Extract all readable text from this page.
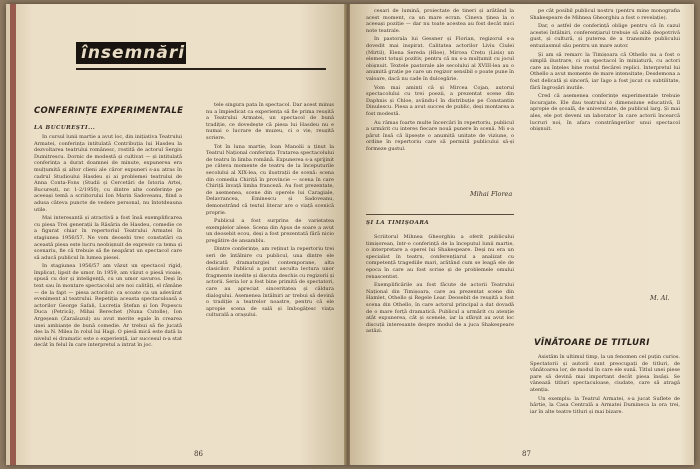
însemnări
CONFERINȚE EXPERIMENTALE
LA BUCUREȘTI...

In cursul lunii martie a avut loc, din inițiativa Teatrului Armatei, conferința intitulată Contribuția lui Hasdeu la dezvoltarea teatrului românesc, rostită de actorul Sergiu Dumitrescu. Dornic de modestă și cultivat — și intitulată conferința a durat doamnei de minute, expunerea era mulțumită și altor clieni ale căror expuneri s-au atras în cadrul Studioului Hasdeu și ai problemei teatrului de Anna Conta-Fons (Studii și Cercetări de Istoria Artei, București, nr. 1-2/1950), cu dintre alte conferințe pe aceeași temă a scriitorului Ion Marin Sadoveanu, fiind a adusa câteva puncte de vedere personal, nu întotdeauna utile.

Mai interesantă și atractivă a fost însă exemplificarea cu piesa Trei generații la Răsăria de Hasdeu, comedie ce a figurat chiar în repertoriul Teatrului Armatei în stagiunea 1956/57. Ne vom deosebi trec constatări ca această piesa este lucru neobișnuit de expresiv ca tema și scenariu, fie că trebuie să fie neapărat un spectacol care să aducă publicul în lumea piesei.

In stagiunea 1956/57 am văzut un spectacol rigid, împlicat, lipsit de umor. In 1959, am văzut o piesă vioaie, spusă cu dor și inteligență, cu un umor savuros. Deși în text sau în montare spectacolul are noi calități, el rămâne — de la fapt — piesa actorilor: ca scoate ca un adevărat eveniment al teatrului. Repetiția aceasta spectaculoasă a actorilor George Safali, Lucreția Ștefan și Ion Popescu Duca (Petrică), Mihai Berechet (Nuna Cutolle), Ion Argeșean (Zaraăuzul) au avut merite egale în crearea unei ambianțe de bună comedie. Ar trebui să fie jucată des la N. Milea în rolul lui Hagi. O piesă mică este dată la nivelul ei dramatic este o experiență, iar succesul n-a stat decât în felul în care interpretul a intrat în joc.

tele singura pata în spectacol. Dar acest minus nu a împiedicat ca experiența să fie prima reușită a Teatrului Armatei, un spectacol de bună tradiție, ce dovedește că piesa lui Hasdeu nu e numai o lucrare de muzeu, ci o vie, reușită scriere.

Tot în luna martie, Ioan Manolii a ținut la Teatrul Național conferința Tratarea spectacolului de teatru în limba română. Expunerea s-a sprijinit pe câteva momente de teatru de la începuturile secolului al XIX-lea, cu ilustrații de scenă: scena din comedia Chiriță în provincie — scena în care Chiriță învață limba franceză. Au fost prezentate, de asemenea, scene din operele lui Caragiale, Delavrancea, Eminescu și Sadoveanu, demonstrând că textul literar are o viață scenică proprie.

Publicul a fost surprins de varietatea exemplelor alese. Scena din Apus de soare a avut un deosebit ecou, deși a fost prezentată fără nicio pregătire de ansamblu.

Dintre conferințe, am reținut la repertoriu trei seri de întâlnire cu publicul, una dintre ele dedicată dramaturgiei contemporane, alta clasicilor. Publicul a putut asculta lectura unor fragmente inedite și discuta deschis cu regizorii și actorii. Seria lor a fost bine primită de spectatori, care au apreciat sinceritatea și căldura dialogului. Asemenea întâlniri ar trebui să devină o tradiție a teatrelor noastre, pentru că ele apropie scena de sală și îmbogățesc viața culturală a orașului.

86

cesari de lumină, proiectate de tineri și arătând la acest moment, ca un mare ecran. Cineva ținea la o aceeași poziție — dar nu toate acestea au fost decât mici note teatrale.

In pastorala lui Gessner și Florian, regizorul s-a dovedit mai inspirat. Calitatea actorilor Liviu Ciulei (Mirtil), Elena Sereda (Hloe), Mircea Crețu (Lisis) un element totuși pozitiv, pentru că nu s-a mulțumit cu jocul obișnuit. Textele pastorale ale secolului al XVIII-lea au o anumită grație pe care un regizor sensibil o poate pune în valoare, dacă nu cade în dulcegărie.

Vom mai aminti că și Mircea Cojan, autorul spectacolului cu trei poezii, a prezentat scene din Daphnis și Chloe, avându-l în distribuție pe Constantin Dinulescu. Piesa a avut succes de public, deși montarea a fost modestă.

Au rămas foarte multe încercări în repertoriu, publicul a urmărit cu interes fiecare nouă punere în scenă. Mi s-a părut însă că lipsește o anumită unitate de viziune, o ordine în repertoriu care să permită publicului să-și formeze gustul.

Mihai Florea
ȘI LA TIMIȘOARA

Scriitorul Mihnea Gheorghiu a oferit publicului timișorean, într-o conferință de la începutul lunii martie, o interpretare a operei lui Shakespeare. Deși nu era un specialist în teatru, conferențiarul a analizat cu competență tragediile mari, arătând cum se leagă ele de epoca în care au fost scrise și de problemele omului renascentist.

Exemplificările au fost făcute de actorii Teatrului Național din Timișoara, care au prezentat scene din Hamlet, Othello și Regele Lear. Deosebit de reușită a fost scena din Othello, în care actorul principal a dat dovadă de o mare forță dramatică. Publicul a urmărit cu atenție atât expunerea, cât și scenele, iar la sfârșit au avut loc discuții interesante despre modul de a juca Shakespeare astăzi.

pe cât posibil publicul nostru (pentru mine monografia Shakespeare de Mihnea Gheorghiu a fost o revelație).

Dar, o astfel de conferință oblige pentru că în cazul acestei întâlniri, conferențiarul trebuie să aibă deopotrivă gust, și cultură, și puterea de a transmite publicului entuziasmul său pentru un mare autor.

Și am să remarc la Timișoara că Othello nu a fost o simplă ilustrare, ci un spectacol în miniatură, cu actori care au înțeles bine rostul fiecărei replici. Interpretul lui Othello a avut momente de mare intensitate; Desdemona a fost delicată și sinceră, iar Iago a fost jucat cu subtilitate, fără îngroșări inutile.

Cred că asemenea conferințe experimentale trebuie încurajate. Ele dau teatrului o dimensiune educativă, îl apropie de școală, de universitate, de publicul larg. Și mai ales, ele pot deveni un laborator în care actorii încearcă lucruri noi, în afara constrângerilor unui spectacol obișnuit.

M. Al.
VÎNĂTOARE DE TITLURI

Asistăm în ultimul timp, la un fenomen cel puțin curios. Spectatorii și autorii sunt preocupați de titluri, de vânătoarea lor, de modul în care ele sună. Titlul unei piese pare să devină mai important decât piesa însăși. Se vânează titluri spectaculoase, ciudate, care să atragă atenția.

Un exemplu: la Teatrul Armatei, s-a jucat Suflete de hârtie, la Casa Centrală a Armatei Dumineca la ora trei, iar în alte teatre titluri și mai bizare.

87
